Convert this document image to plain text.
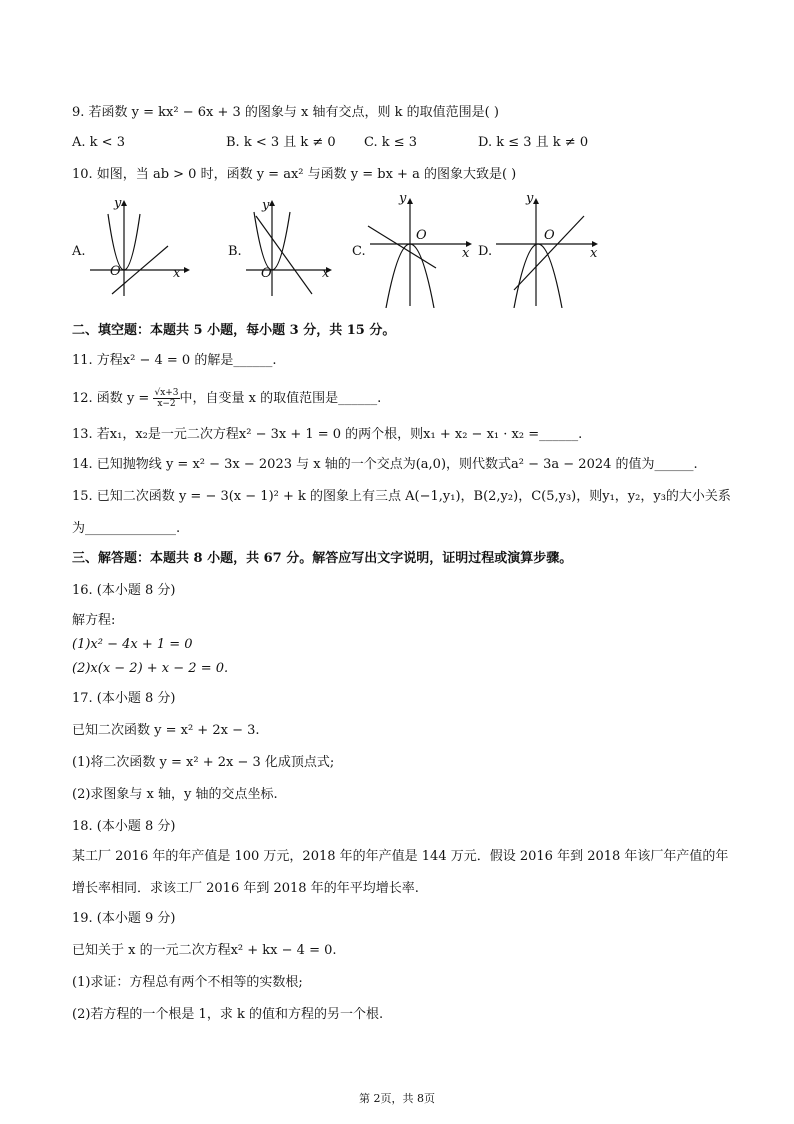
9. 若函数 y = kx² − 6x + 3 的图象与 x 轴有交点，则 k 的取值范围是( )
A. k < 3	B. k < 3 且 k ≠ 0 C. k ≤ 3	D. k ≤ 3 且 k ≠ 0
10. 如图，当 ab > 0 时，函数 y = ax² 与函数 y = bx + a 的图象大致是( )
A.
y
x
O
B.
y
x
O
C.
y
x
O
D.
y
x
O
二、填空题：本题共 5 小题，每小题 3 分，共 15 分。
11. 方程x² − 4 = 0 的解是______.
12. 函数 $y = \frac{√x+3}{x-2}$ 中，自变量 x 的取值范围是______.
13. 若x₁，x₂是一元二次方程x² − 3x + 1 = 0 的两个根，则x₁ + x₂ − x₁ · x₂ =______.
14. 已知抛物线 y = x² − 3x − 2023 与 x 轴的一个交点为(a,0)，则代数式a² − 3a − 2024 的值为______.
15. 已知二次函数 y = − 3(x − 1)² + k 的图象上有三点 A(−1,y₁)，B(2,y₂)，C(5,y₃)，则y₁，y₂，y₃的大小关系
为______________.
三、解答题：本题共 8 小题，共 67 分。解答应写出文字说明，证明过程或演算步骤。
16. (本小题 8 分)
解方程:
(1)x² − 4x + 1 = 0
(2)x(x − 2) + x − 2 = 0.
17. (本小题 8 分)
已知二次函数 y = x² + 2x − 3.
(1)将二次函数 y = x² + 2x − 3 化成顶点式;
(2)求图象与 x 轴，y 轴的交点坐标.
18. (本小题 8 分)
某工厂 2016 年的年产值是 100 万元，2018 年的年产值是 144 万元．假设 2016 年到 2018 年该厂年产值的年
增长率相同．求该工厂 2016 年到 2018 年的年平均增长率.
19. (本小题 9 分)
已知关于 x 的一元二次方程x² + kx − 4 = 0.
(1)求证：方程总有两个不相等的实数根;
(2)若方程的一个根是 1，求 k 的值和方程的另一个根.
第 2页，共 8页
